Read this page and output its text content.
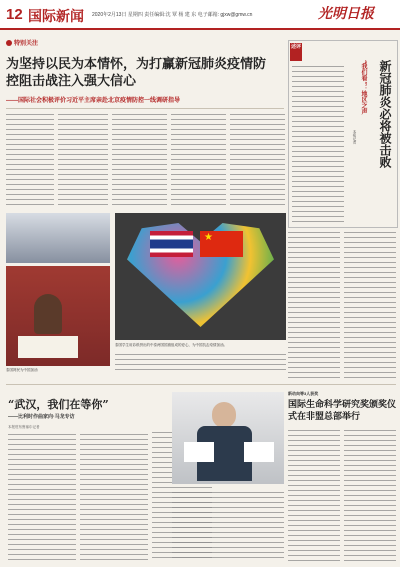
12 国际新闻 2020年2月13日 星期四 责任编辑:沈 覃 杨 建 东 电子邮箱: gjxw@gmw.cn	光明日报
特别关注
为坚持以民为本情怀，为打赢新冠肺炎疫情防控阻击战注入强大信心
——国际社会积极评价习近平主席亲赴北京疫情防控一线调研指导
泰国网民为中国加油
★
泰国学生用彩纸拼出的中泰两国国旗组成的爱心，为中国抗击疫情加油。
述评
新冠肺炎必将被击败
“我们看”：地区之声
本报记者
“武汉，我们在等你”
——比利时作曲家向·马龙专访
本报驻布鲁塞尔记者
新动向等3人获奖
国际生命科学研究奖颁奖仪式在非盟总部举行
